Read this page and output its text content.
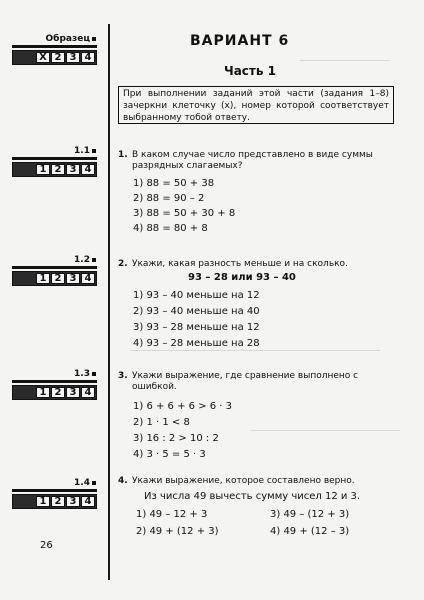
Образец
X 2 3 4
1.1
1 2 3 4
1.2
1 2 3 4
1.3
1 2 3 4
1.4
1 2 3 4
ВАРИАНТ 6
Часть 1
При выполнении заданий этой части (задания 1–8) зачеркни клеточку (x), номер которой соответствует выбранному тобой ответу.
1. В каком случае число представлено в виде суммы разрядных слагаемых?
1) 88 = 50 + 38
2) 88 = 90 – 2
3) 88 = 50 + 30 + 8
4) 88 = 80 + 8
2. Укажи, какая разность меньше и на сколько.
93 – 28 или 93 – 40
1) 93 – 40 меньше на 12
2) 93 – 40 меньше на 40
3) 93 – 28 меньше на 12
4) 93 – 28 меньше на 28
3. Укажи выражение, где сравнение выполнено с ошибкой.
1) 6 + 6 + 6 > 6 · 3
2) 1 · 1 < 8
3) 16 : 2 > 10 : 2
4) 3 · 5 = 5 · 3
4. Укажи выражение, которое составлено верно.
Из числа 49 вычесть сумму чисел 12 и 3.
1) 49 – 12 + 3	3) 49 – (12 + 3)
2) 49 + (12 + 3)	4) 49 + (12 – 3)
26
